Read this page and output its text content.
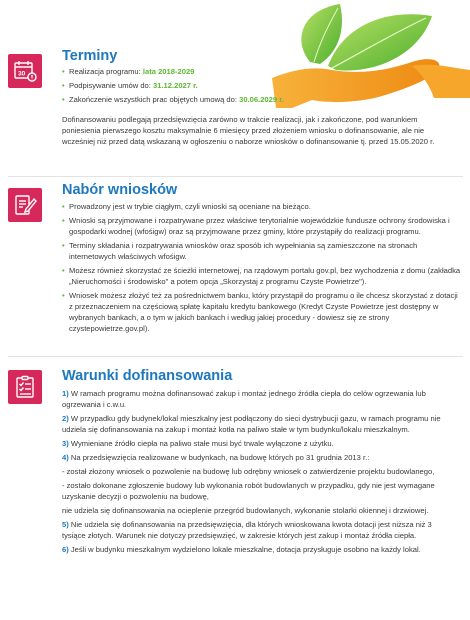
30
Terminy
• Realizacja programu: lata 2018-2029
• Podpisywanie umów do: 31.12.2027 r.
• Zakończenie wszystkich prac objętych umową do: 30.06.2029 r.

Dofinansowaniu podlegają przedsięwzięcia zarówno w trakcie realizacji, jak i zakończone, pod warunkiem poniesienia pierwszego kosztu maksymalnie 6 miesięcy przed złożeniem wniosku o dofinansowanie, ale nie wcześniej niż przed datą wskazaną w ogłoszeniu o naborze wniosków o dofinansowanie tj. przed 15.05.2020 r.

Nabór wniosków
• Prowadzony jest w trybie ciągłym, czyli wnioski są oceniane na bieżąco.
• Wnioski są przyjmowane i rozpatrywane przez właściwe terytorialnie wojewódzkie fundusze ochrony środowiska i gospodarki wodnej (wfośigw) oraz są przyjmowane przez gminy, które przystąpiły do realizacji programu.
• Terminy składania i rozpatrywania wniosków oraz sposób ich wypełniania są zamieszczone na stronach internetowych właściwych wfośigw.
• Możesz również skorzystać ze ścieżki internetowej, na rządowym portalu gov.pl, bez wychodzenia z domu (zakładka „Nieruchomości i środowisko" a potem opcja „Skorzystaj z programu Czyste Powietrze").
• Wniosek możesz złożyć też za pośrednictwem banku, który przystąpił do programu o ile chcesz skorzystać z dotacji z przeznaczeniem na częściową spłatę kapitału kredytu bankowego (Kredyt Czyste Powietrze jest dostępny w wybranych bankach, a o tym w jakich bankach i według jakiej procedury - dowiesz się ze strony czystepowietrze.gov.pl).
Warunki dofinansowania

1) W ramach programu można dofinansować zakup i montaż jednego źródła ciepła do celów ogrzewania lub ogrzewania i c.w.u.

2) W przypadku gdy budynek/lokal mieszkalny jest podłączony do sieci dystrybucji gazu, w ramach programu nie udziela się dofinansowania na zakup i montaż kotła na paliwo stałe w tym budynku/lokalu mieszkalnym.

3) Wymieniane źródło ciepła na paliwo stałe musi być trwale wyłączone z użytku.

4) Na przedsięwzięcia realizowane w budynkach, na budowę których po 31 grudnia 2013 r.:

- został złożony wniosek o pozwolenie na budowę lub odrębny wniosek o zatwierdzenie projektu budowlanego,

- zostało dokonane zgłoszenie budowy lub wykonania robót budowlanych w przypadku, gdy nie jest wymagane uzyskanie decyzji o pozwoleniu na budowę,

nie udziela się dofinansowania na ocieplenie przegród budowlanych, wykonanie stolarki okiennej i drzwiowej.

5) Nie udziela się dofinansowania na przedsięwzięcia, dla których wnioskowana kwota dotacji jest niższa niż 3 tysiące złotych. Warunek nie dotyczy przedsięwzięć, w zakresie których jest zakup i montaż źródła ciepła.

6) Jeśli w budynku mieszkalnym wydzielono lokale mieszkalne, dotacja przysługuje osobno na każdy lokal.
